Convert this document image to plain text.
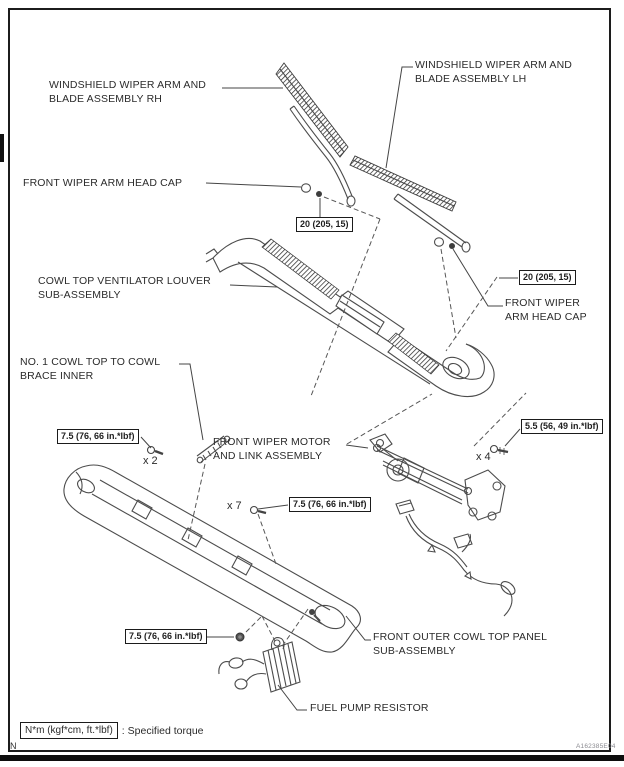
WINDSHIELD WIPER ARM AND
BLADE ASSEMBLY RH
WINDSHIELD WIPER ARM AND
BLADE ASSEMBLY LH
FRONT WIPER ARM HEAD CAP
COWL TOP VENTILATOR LOUVER
SUB-ASSEMBLY
FRONT WIPER
ARM HEAD CAP
NO. 1 COWL TOP TO COWL
BRACE INNER
FRONT WIPER MOTOR
AND LINK ASSEMBLY
FRONT OUTER COWL TOP PANEL
SUB-ASSEMBLY
FUEL PUMP RESISTOR
20 (205, 15)
20 (205, 15)
7.5 (76, 66 in.*lbf)
5.5 (56, 49 in.*lbf)
7.5 (76, 66 in.*lbf)
7.5 (76, 66 in.*lbf)
x 2
x 7
x 4
N*m (kgf*cm, ft.*lbf) : Specified torque
N	A162385E04
